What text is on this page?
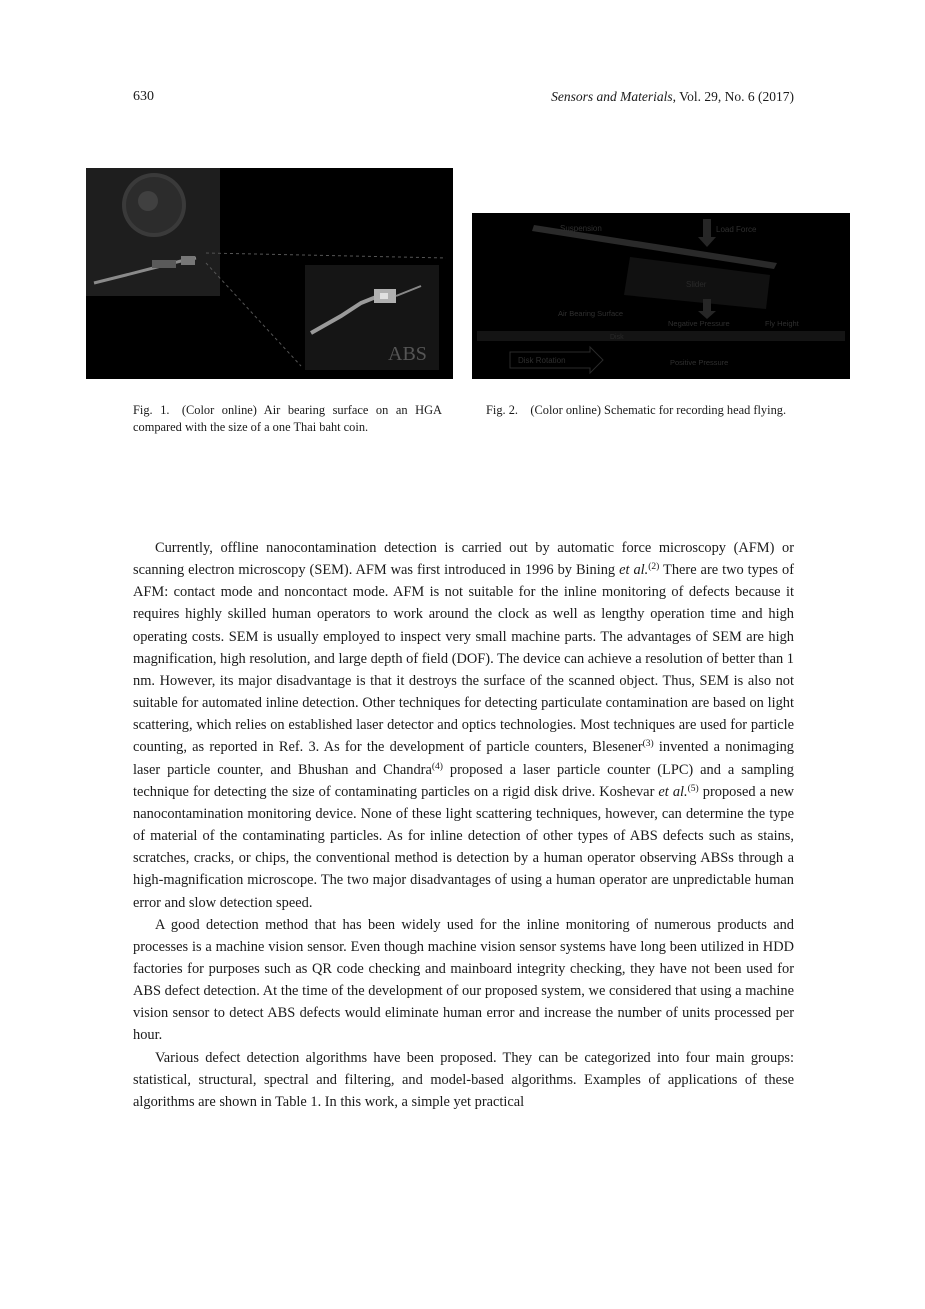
630	Sensors and Materials, Vol. 29, No. 6 (2017)
ABS
Suspension	Load Force
Slider
Air Bearing Surface
Negative Pressure	Fly Height
Disk
Disk Rotation	Positive Pressure
Fig. 1. (Color online) Air bearing surface on an HGA compared with the size of a one Thai baht coin.
Fig. 2. (Color online) Schematic for recording head flying.

Currently, offline nanocontamination detection is carried out by automatic force microscopy (AFM) or scanning electron microscopy (SEM). AFM was first introduced in 1996 by Bining et al.$^{(2)}$ There are two types of AFM: contact mode and noncontact mode. AFM is not suitable for the inline monitoring of defects because it requires highly skilled human operators to work around the clock as well as lengthy operation time and high operating costs. SEM is usually employed to inspect very small machine parts. The advantages of SEM are high magnification, high resolution, and large depth of field (DOF). The device can achieve a resolution of better than 1 nm. However, its major disadvantage is that it destroys the surface of the scanned object. Thus, SEM is also not suitable for automated inline detection. Other techniques for detecting particulate contamination are based on light scattering, which relies on established laser detector and optics technologies. Most techniques are used for particle counting, as reported in Ref. 3. As for the development of particle counters, Blesener$^{(3)}$ invented a nonimaging laser particle counter, and Bhushan and Chandra$^{(4)}$ proposed a laser particle counter (LPC) and a sampling technique for detecting the size of contaminating particles on a rigid disk drive. Koshevar et al.$^{(5)}$ proposed a new nanocontamination monitoring device. None of these light scattering techniques, however, can determine the type of material of the contaminating particles. As for inline detection of other types of ABS defects such as stains, scratches, cracks, or chips, the conventional method is detection by a human operator observing ABSs through a high-magnification microscope. The two major disadvantages of using a human operator are unpredictable human error and slow detection speed.

A good detection method that has been widely used for the inline monitoring of numerous products and processes is a machine vision sensor. Even though machine vision sensor systems have long been utilized in HDD factories for purposes such as QR code checking and mainboard integrity checking, they have not been used for ABS defect detection. At the time of the development of our proposed system, we considered that using a machine vision sensor to detect ABS defects would eliminate human error and increase the number of units processed per hour.

Various defect detection algorithms have been proposed. They can be categorized into four main groups: statistical, structural, spectral and filtering, and model-based algorithms. Examples of applications of these algorithms are shown in Table 1. In this work, a simple yet practical
